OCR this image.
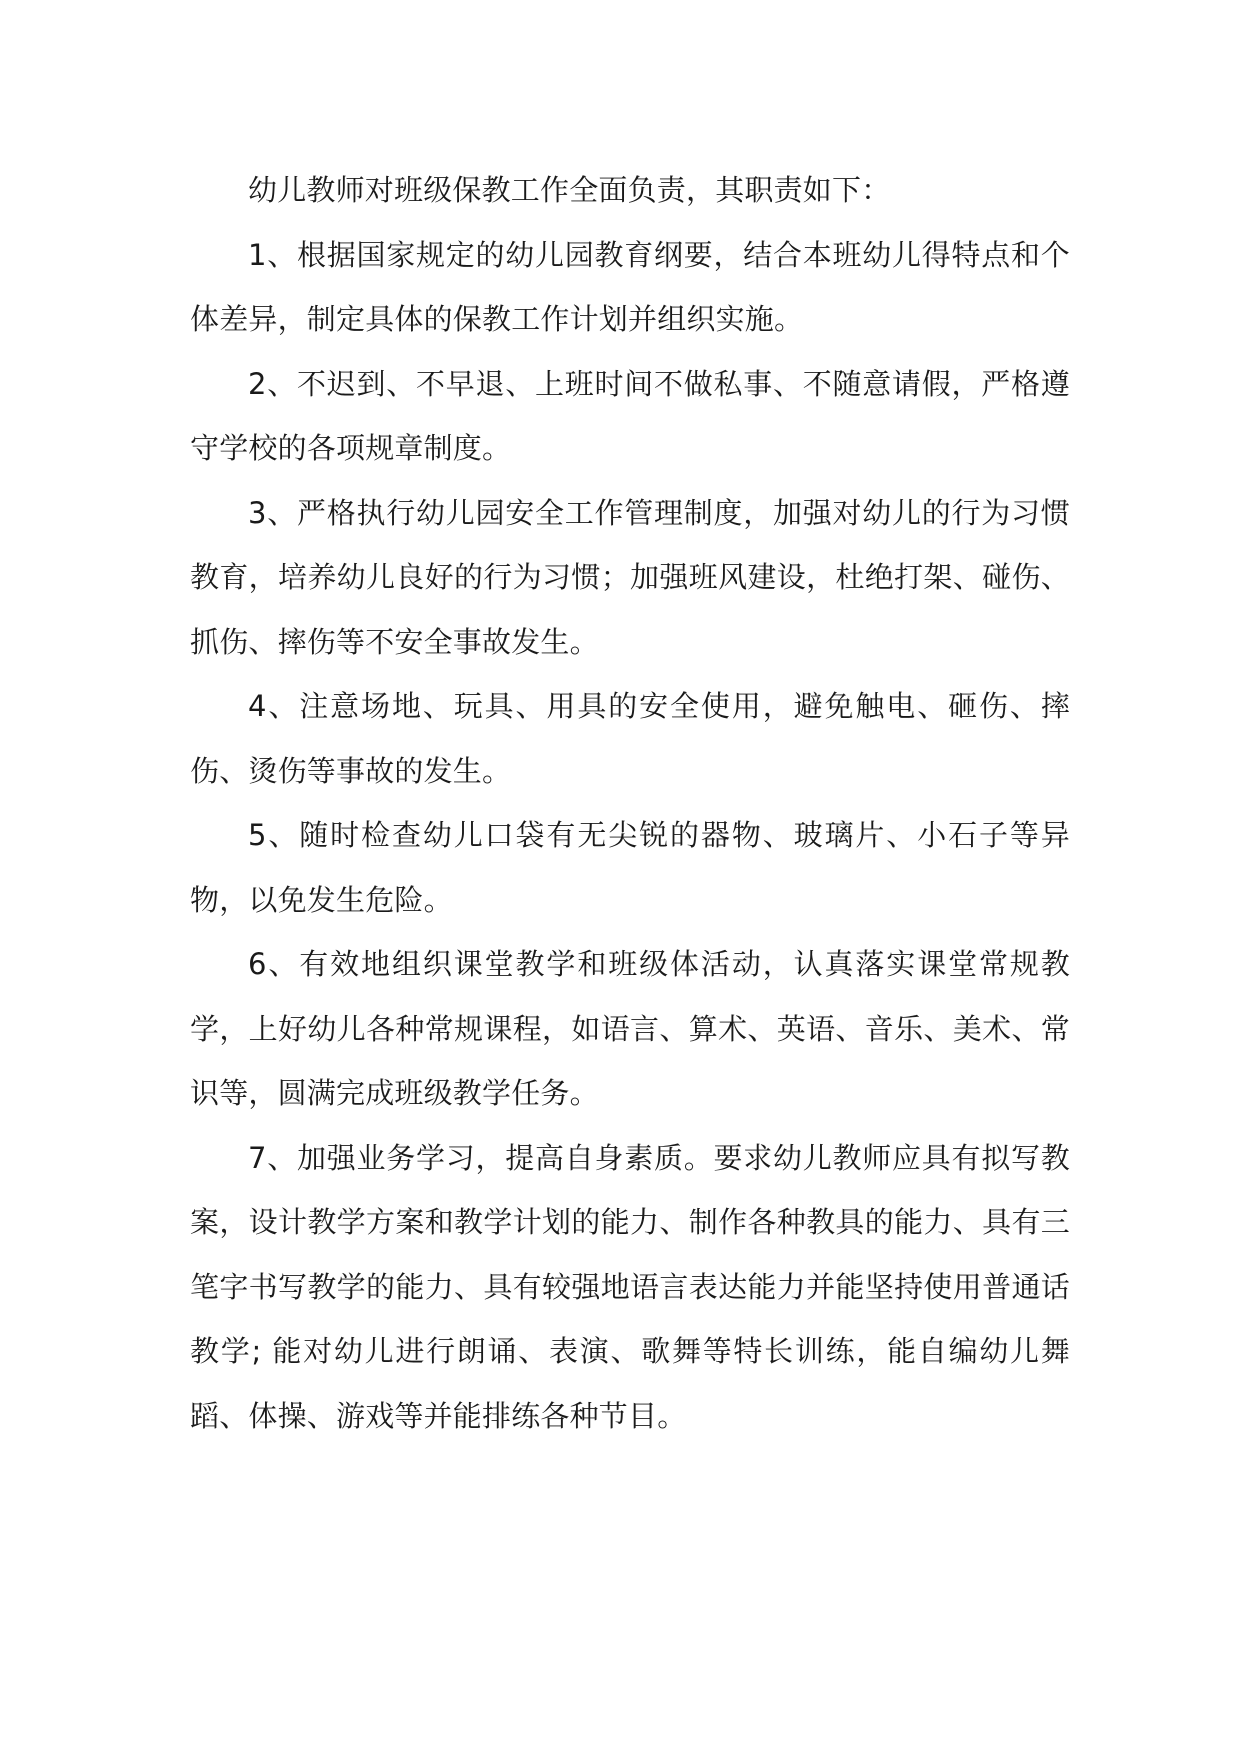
幼儿教师对班级保教工作全面负责，其职责如下：

1、根据国家规定的幼儿园教育纲要，结合本班幼儿得特点和个体差异，制定具体的保教工作计划并组织实施。

2、不迟到、不早退、上班时间不做私事、不随意请假，严格遵守学校的各项规章制度。

3、严格执行幼儿园安全工作管理制度，加强对幼儿的行为习惯教育，培养幼儿良好的行为习惯；加强班风建设，杜绝打架、碰伤、抓伤、摔伤等不安全事故发生。

4、注意场地、玩具、用具的安全使用，避免触电、砸伤、摔伤、烫伤等事故的发生。

5、随时检查幼儿口袋有无尖锐的器物、玻璃片、小石子等异物，以免发生危险。

6、有效地组织课堂教学和班级体活动，认真落实课堂常规教学，上好幼儿各种常规课程，如语言、算术、英语、音乐、美术、常识等，圆满完成班级教学任务。

7、加强业务学习，提高自身素质。要求幼儿教师应具有拟写教案，设计教学方案和教学计划的能力、制作各种教具的能力、具有三笔字书写教学的能力、具有较强地语言表达能力并能坚持使用普通话教学; 能对幼儿进行朗诵、表演、歌舞等特长训练，能自编幼儿舞蹈、体操、游戏等并能排练各种节目。
